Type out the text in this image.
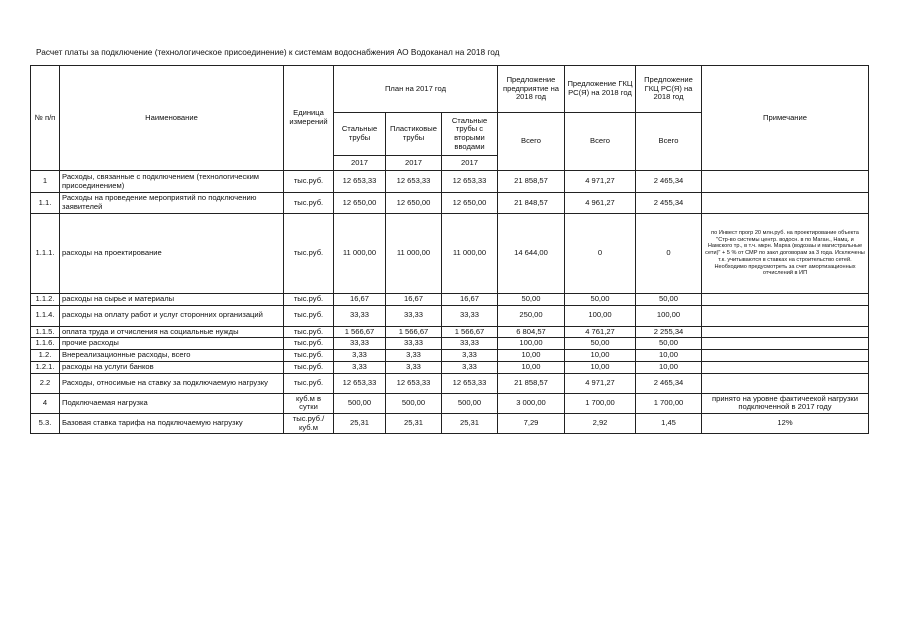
Расчет платы за подключение (технологическое присоединение) к системам водоснабжения АО Водоканал на 2018 год
№ п/п	Наименование	Единица измерений	План на 2017 год			Предложение предприятие на 2018 год	Предложение ГКЦ РС(Я) на 2018 год	Предложение ГКЦ РС(Я) на 2018 год	Примечание
			Стальные трубы	Пластиковые трубы	Стальные трубы с вторыми вводами	Всего	Всего	Всего	
			2017	2017	2017				
1	Расходы, связанные с подключением (технологическим присоединением)	тыс.руб.	12 653,33	12 653,33	12 653,33	21 858,57	4 971,27	2 465,34	
1.1.	Расходы на проведение мероприятий по подключению заявителей	тыс.руб.	12 650,00	12 650,00	12 650,00	21 848,57	4 961,27	2 455,34	
1.1.1.	расходы на проектирование	тыс.руб.	11 000,00	11 000,00	11 000,00	14 644,00	0	0	по Инвест прогр 20 млн.руб. на проектирование объекта "Стр-во системы центр. водосн. в по Маган., Намц. и Намского тр., в т.ч. мкрн. Марха (водозаы и магистральные сети)" + 5 % от СМР по закл договорам за 3 года. Исключены т.к. учитываются в ставках на строительство сетей. Необходимо предусмотреть за счет амортизационных отчислений в ИП
1.1.2.	расходы на сырье и материалы	тыс.руб.	16,67	16,67	16,67	50,00	50,00	50,00	
1.1.4.	расходы на оплату работ и услуг сторонних организаций	тыс.руб.	33,33	33,33	33,33	250,00	100,00	100,00	
1.1.5.	оплата труда и отчисления на социальные нужды	тыс.руб.	1 566,67	1 566,67	1 566,67	6 804,57	4 761,27	2 255,34	
1.1.6.	прочие расходы	тыс.руб.	33,33	33,33	33,33	100,00	50,00	50,00	
1.2.	Внереализационные расходы, всего	тыс.руб.	3,33	3,33	3,33	10,00	10,00	10,00	
1.2.1.	расходы на услуги банков	тыс.руб.	3,33	3,33	3,33	10,00	10,00	10,00	
2.2	Расходы, относимые на ставку за подключаемую нагрузку	тыс.руб.	12 653,33	12 653,33	12 653,33	21 858,57	4 971,27	2 465,34	
4	Подключаемая нагрузка	куб.м в сутки	500,00	500,00	500,00	3 000,00	1 700,00	1 700,00	принято на уровне фактичеекой нагрузки подключенной в 2017 году
5.3.	Базовая ставка тарифа на подключаемую нагрузку	тыс.руб./куб.м	25,31	25,31	25,31	7,29	2,92	1,45	12%
